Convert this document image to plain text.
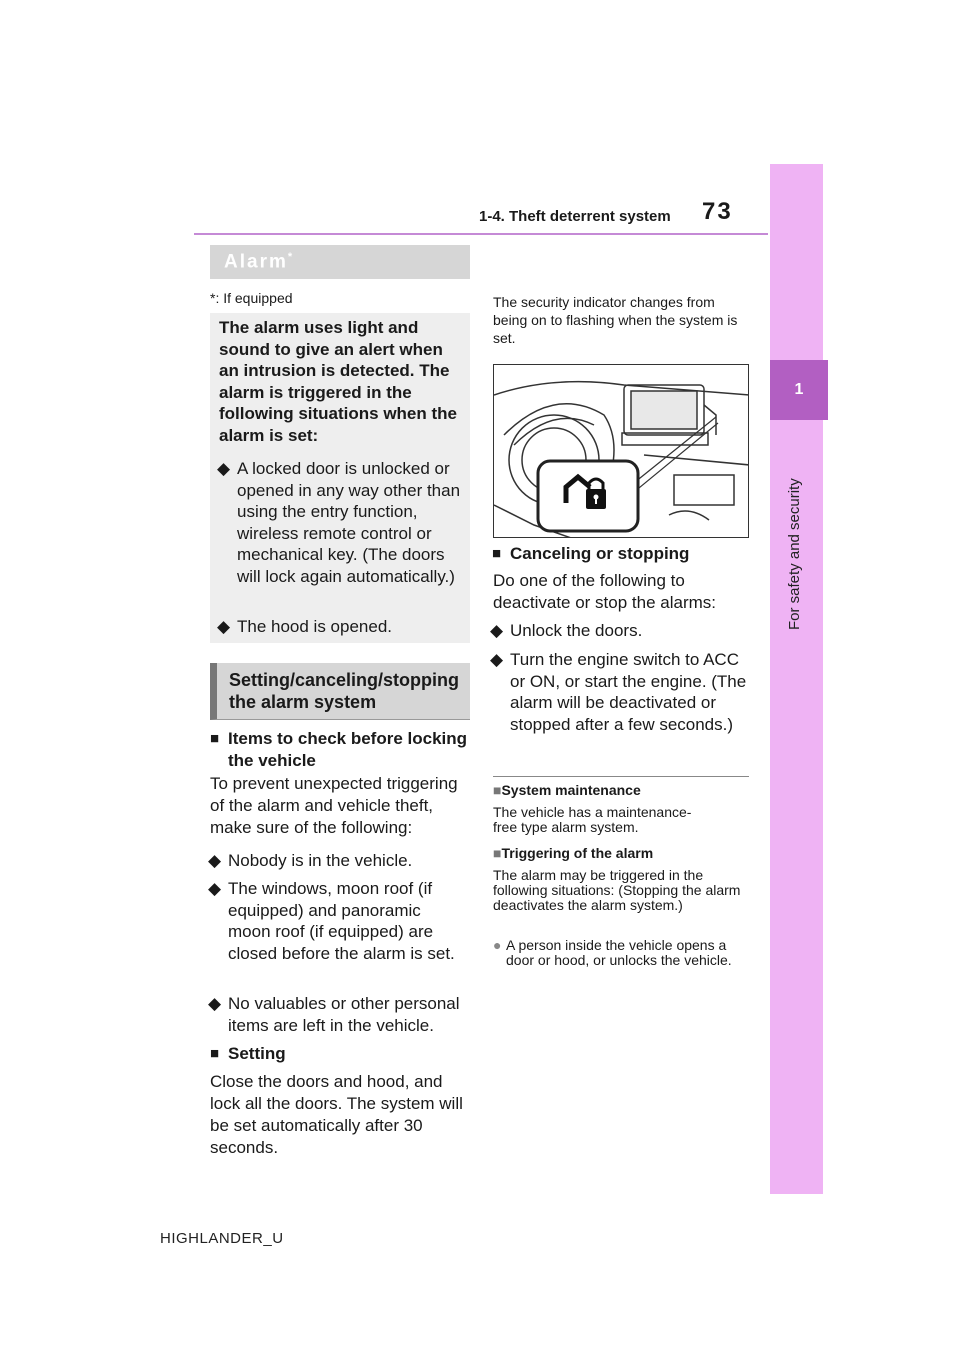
1-4. Theft deterrent system 73
1
For safety and security
Alarm*
*: If equipped
The alarm uses light and sound to give an alert when an intrusion is detected. The alarm is triggered in the following situations when the alarm is set:
◆ A locked door is unlocked or opened in any way other than using the entry function, wireless remote control or mechanical key. (The doors will lock again automatically.)
◆ The hood is opened.
Setting/canceling/stopping the alarm system
■ Items to check before locking the vehicle
To prevent unexpected triggering of the alarm and vehicle theft, make sure of the following:
◆ Nobody is in the vehicle.
◆ The windows, moon roof (if equipped) and panoramic moon roof (if equipped) are closed before the alarm is set.
◆ No valuables or other personal items are left in the vehicle.
■ Setting
Close the doors and hood, and lock all the doors. The system will be set automatically after 30 seconds.
The security indicator changes from being on to flashing when the system is set.
■ Canceling or stopping
Do one of the following to deactivate or stop the alarms:
◆ Unlock the doors.
◆ Turn the engine switch to ACC or ON, or start the engine. (The alarm will be deactivated or stopped after a few seconds.)
■System maintenance
The vehicle has a maintenance-free type alarm system.
■Triggering of the alarm
The alarm may be triggered in the following situations: (Stopping the alarm deactivates the alarm system.)
● A person inside the vehicle opens a door or hood, or unlocks the vehicle.
HIGHLANDER_U
